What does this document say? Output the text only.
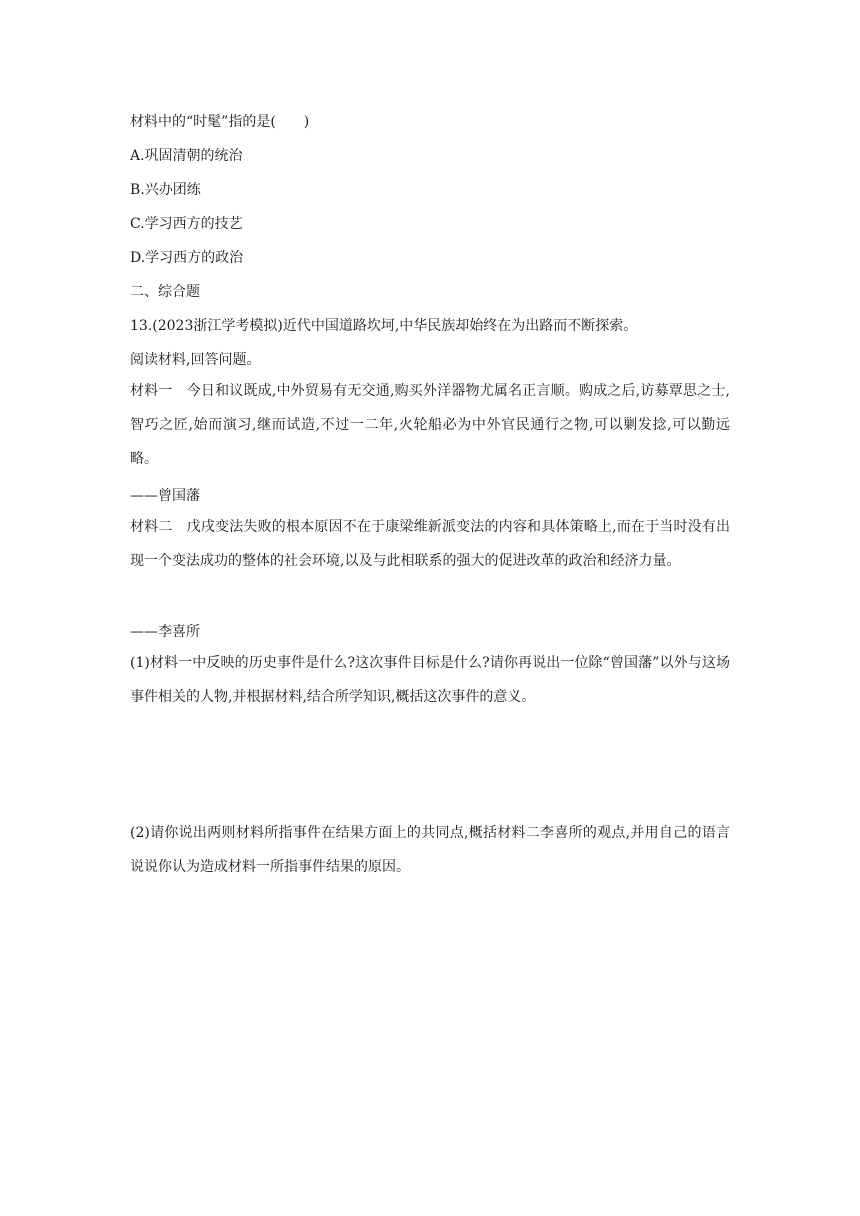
材料中的“时髦”指的是(　　)
A.巩固清朝的统治
B.兴办团练
C.学习西方的技艺
D.学习西方的政治
二、综合题
13.(2023浙江学考模拟)近代中国道路坎坷,中华民族却始终在为出路而不断探索。
阅读材料,回答问题。
材料一　今日和议既成,中外贸易有无交通,购买外洋器物尤属名正言顺。购成之后,访募覃思之士,智巧之匠,始而演习,继而试造,不过一二年,火轮船必为中外官民通行之物,可以剿发捻,可以勤远略。
——曾国藩
材料二　戊戌变法失败的根本原因不在于康梁维新派变法的内容和具体策略上,而在于当时没有出现一个变法成功的整体的社会环境,以及与此相联系的强大的促进改革的政治和经济力量。
——李喜所
(1)材料一中反映的历史事件是什么?这次事件目标是什么?请你再说出一位除“曾国藩”以外与这场事件相关的人物,并根据材料,结合所学知识,概括这次事件的意义。
(2)请你说出两则材料所指事件在结果方面上的共同点,概括材料二李喜所的观点,并用自己的语言说说你认为造成材料一所指事件结果的原因。
